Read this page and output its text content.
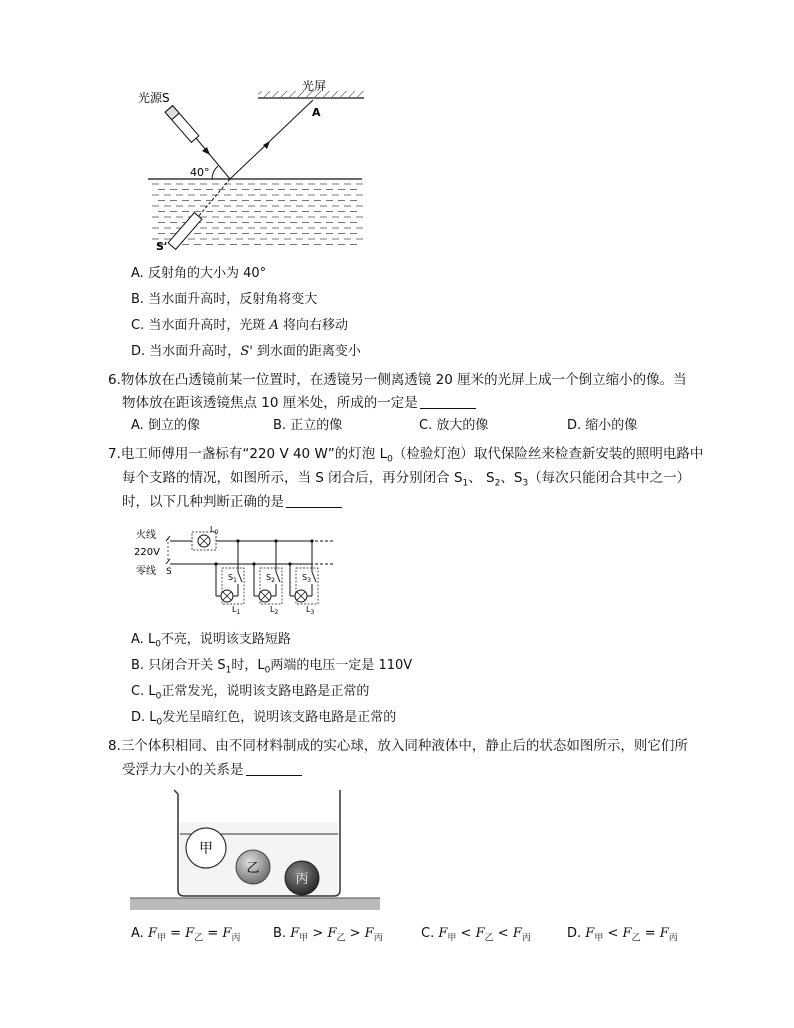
光源S
光屏
A
40°
S'
A. 反射角的大小为 40°
B. 当水面升高时，反射角将变大
C. 当水面升高时，光斑 A 将向右移动
D. 当水面升高时，S' 到水面的距离变小
6.物体放在凸透镜前某一位置时，在透镜另一侧离透镜 20 厘米的光屏上成一个倒立缩小的像。当
物体放在距该透镜焦点 10 厘米处，所成的一定是
A. 倒立的像	B. 正立的像	C. 放大的像	D. 缩小的像
7.电工师傅用一盏标有“220 V 40 W”的灯泡 $L_0$（检验灯泡）取代保险丝来检查新安装的照明电路中
每个支路的情况，如图所示，当 S 闭合后，再分别闭合 $S_1$、 $S_2$、$S_3$（每次只能闭合其中之一）
时，以下几种判断正确的是
火线
220V
零线 S
$L_0$
$S_1$
$L_1$
$S_2$
$L_2$
$S_3$
$L_3$
A. $L_0$不亮，说明该支路短路
B. 只闭合开关 $S_1$时，$L_0$两端的电压一定是 110V
C. $L_0$正常发光，说明该支路电路是正常的
D. $L_0$发光呈暗红色，说明该支路电路是正常的
8.三个体积相同、由不同材料制成的实心球，放入同种液体中，静止后的状态如图所示，则它们所
受浮力大小的关系是
甲
乙
丙
A. $F_甲 = F_乙 = F_丙$	B. $F_甲 > F_乙 > F_丙$	C. $F_甲 < F_乙 < F_丙$	D. $F_甲 < F_乙 = F_丙$
